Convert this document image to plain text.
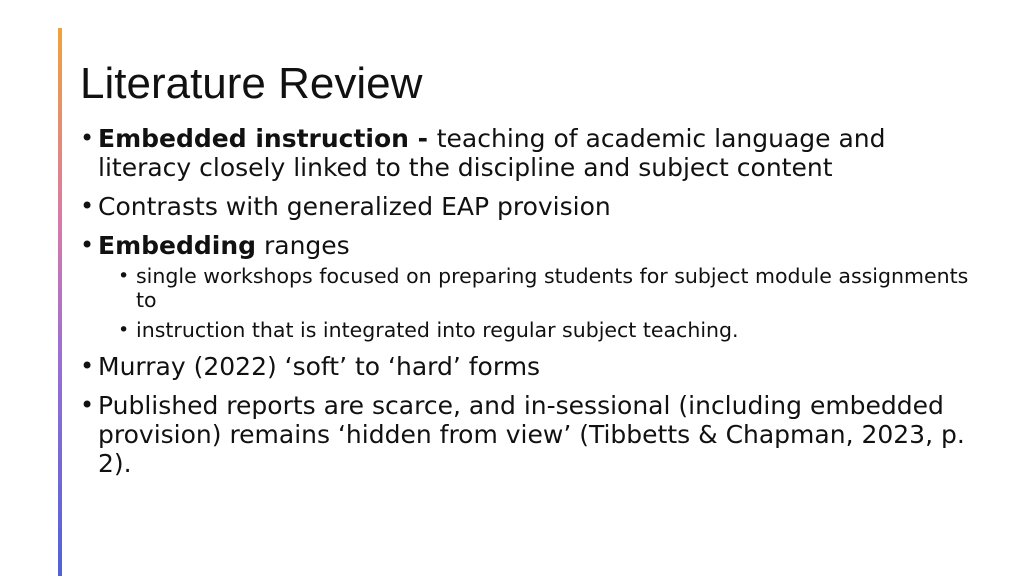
Literature Review
• Embedded instruction - teaching of academic language and literacy closely linked to the discipline and subject content
• Contrasts with generalized EAP provision
• Embedding ranges
• single workshops focused on preparing students for subject module assignments to
• instruction that is integrated into regular subject teaching.
• Murray (2022) ‘soft’ to ‘hard’ forms
• Published reports are scarce, and in-sessional (including embedded provision) remains ‘hidden from view’ (Tibbetts & Chapman, 2023, p. 2).
